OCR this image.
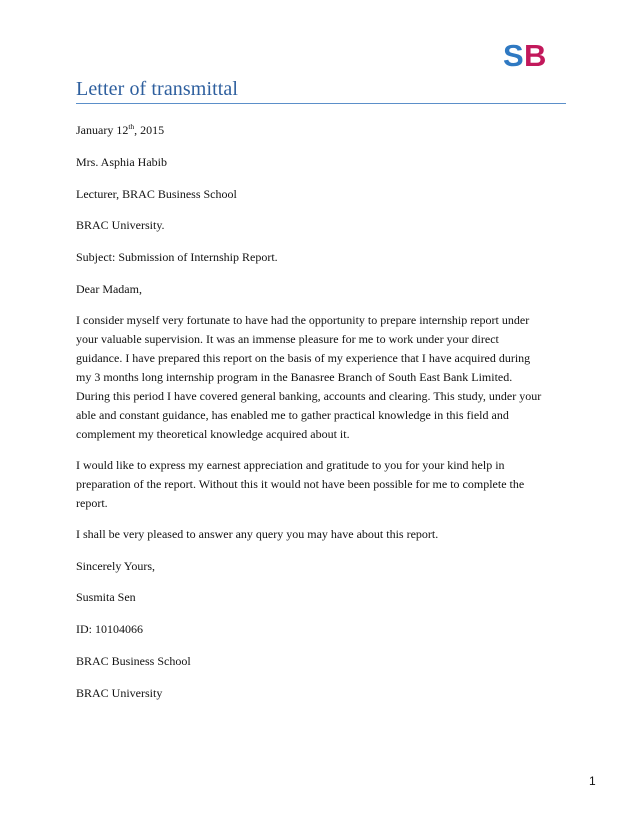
S B
Letter of transmittal
January 12th, 2015
Mrs. Asphia Habib
Lecturer, BRAC Business School
BRAC University.
Subject: Submission of Internship Report.
Dear Madam,
I consider myself very fortunate to have had the opportunity to prepare internship report under
your valuable supervision. It was an immense pleasure for me to work under your direct
guidance. I have prepared this report on the basis of my experience that I have acquired during
my 3 months long internship program in the Banasree Branch of South East Bank Limited.
During this period I have covered general banking, accounts and clearing. This study, under your
able and constant guidance, has enabled me to gather practical knowledge in this field and
complement my theoretical knowledge acquired about it.
I would like to express my earnest appreciation and gratitude to you for your kind help in
preparation of the report. Without this it would not have been possible for me to complete the
report.
I shall be very pleased to answer any query you may have about this report.
Sincerely Yours,
Susmita Sen
ID: 10104066
BRAC Business School
BRAC University
1
